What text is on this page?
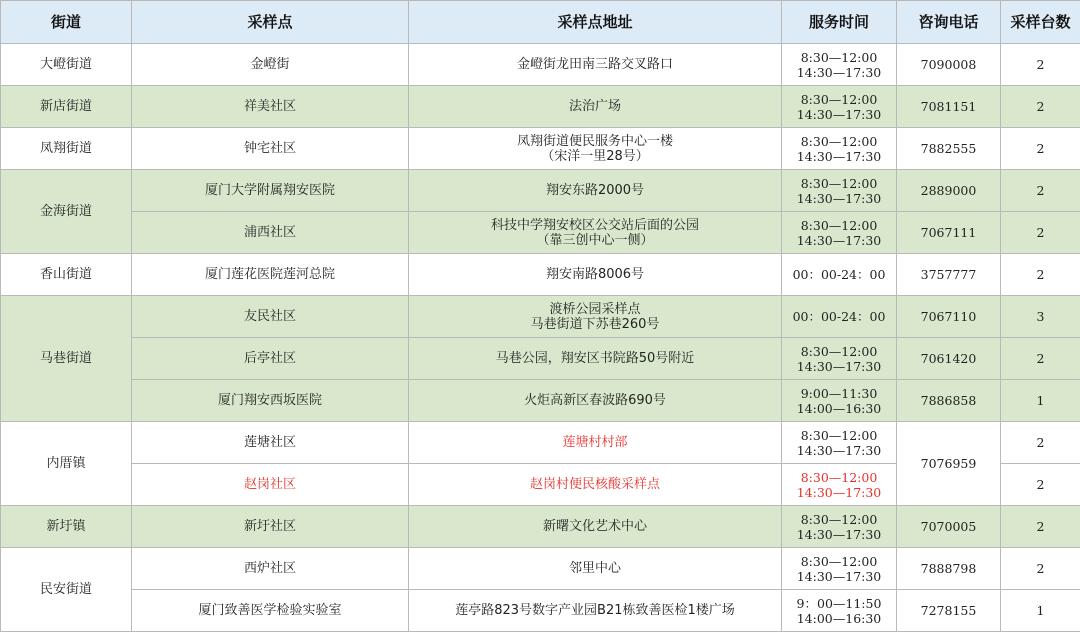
街道	采样点	采样点地址	服务时间	咨询电话	采样台数
大嶝街道	金嶝街	金嶝街龙田南三路交叉路口	8:30—12:00
14:30—17:30	7090008	2
新店街道	祥美社区	法治广场	8:30—12:00
14:30—17:30	7081151	2
凤翔街道	钟宅社区	凤翔街道便民服务中心一楼
（宋洋一里28号）	8:30—12:00
14:30—17:30	7882555	2
金海街道	厦门大学附属翔安医院	翔安东路2000号	8:30—12:00
14:30—17:30	2889000	2
	浦西社区	科技中学翔安校区公交站后面的公园
（靠三创中心一侧）	8:30—12:00
14:30—17:30	7067111	2
香山街道	厦门莲花医院莲河总院	翔安南路8006号	00：00-24：00	3757777	2
马巷街道	友民社区	渡桥公园采样点
马巷街道下苏巷260号	00：00-24：00	7067110	3
	后亭社区	马巷公园，翔安区书院路50号附近	8:30—12:00
14:30—17:30	7061420	2
	厦门翔安西坂医院	火炬高新区春波路690号	9:00—11:30
14:00—16:30	7886858	1
内厝镇	莲塘社区	莲塘村村部	8:30—12:00
14:30—17:30	7076959	2
	赵岗社区	赵岗村便民核酸采样点	8:30—12:00
14:30—17:30		2
新圩镇	新圩社区	新曙文化艺术中心	8:30—12:00
14:30—17:30	7070005	2
民安街道	西炉社区	邻里中心	8:30—12:00
14:30—17:30	7888798	2
	厦门致善医学检验实验室	莲亭路823号数字产业园B21栋致善医检1楼广场	9：00—11:50
14:00—16:30	7278155	1
